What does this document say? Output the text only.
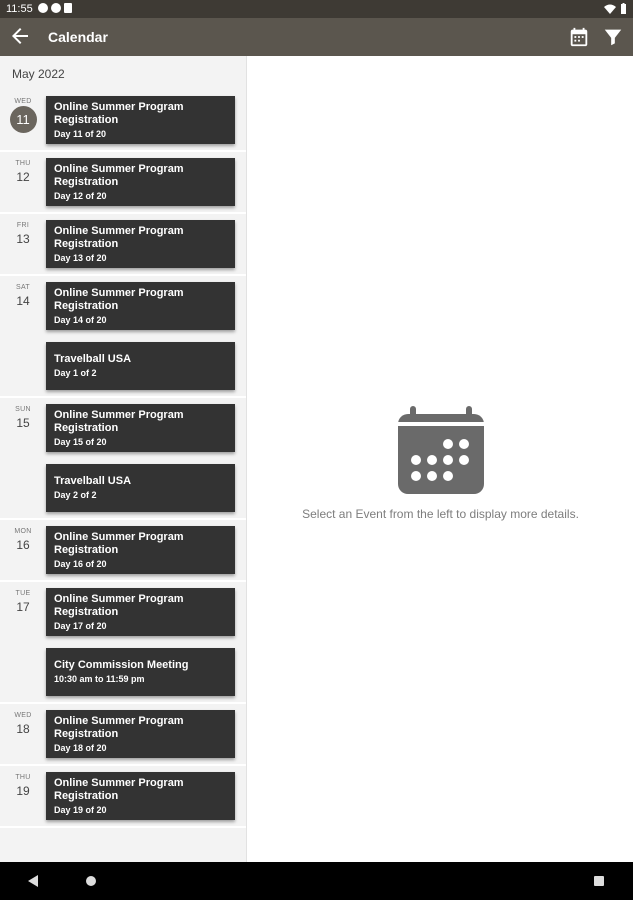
11:55
Calendar
May 2022
WED
11
Online Summer Program Registration
Day 11 of 20
THU
12
Online Summer Program Registration
Day 12 of 20
FRI
13
Online Summer Program Registration
Day 13 of 20
SAT
14
Online Summer Program Registration
Day 14 of 20
Travelball USA
Day 1 of 2
SUN
15
Online Summer Program Registration
Day 15 of 20
Travelball USA
Day 2 of 2
MON
16
Online Summer Program Registration
Day 16 of 20
TUE
17
Online Summer Program Registration
Day 17 of 20
City Commission Meeting
10:30 am to 11:59 pm
WED
18
Online Summer Program Registration
Day 18 of 20
THU
19
Online Summer Program Registration
Day 19 of 20
Select an Event from the left to display more details.
